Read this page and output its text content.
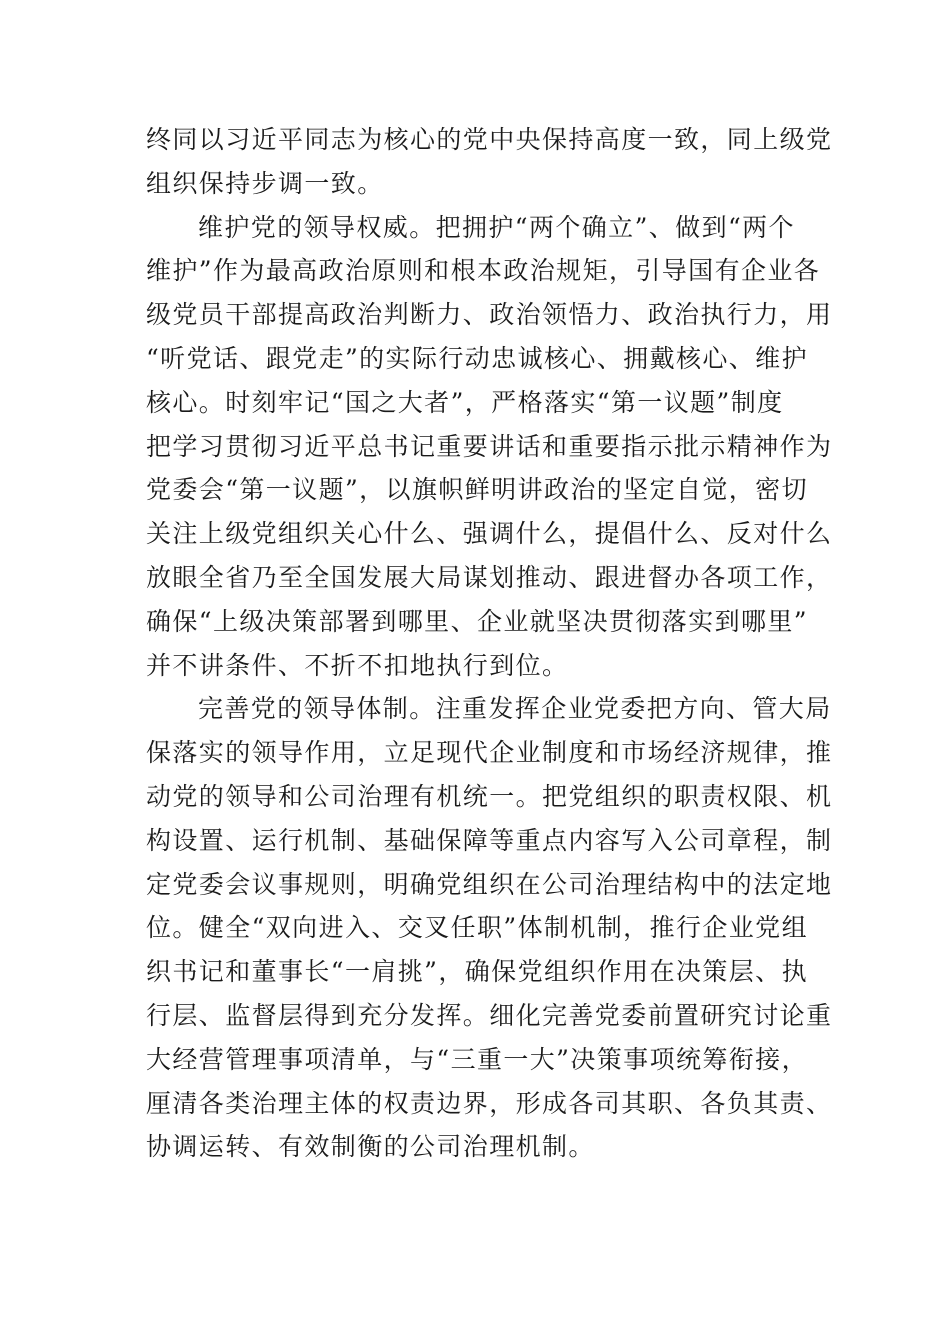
终同以习近平同志为核心的党中央保持高度一致，同上级党
组织保持步调一致。
维护党的领导权威。把拥护“两个确立”、做到“两个
维护”作为最高政治原则和根本政治规矩，引导国有企业各
级党员干部提高政治判断力、政治领悟力、政治执行力，用
“听党话、跟党走”的实际行动忠诚核心、拥戴核心、维护
核心。时刻牢记“国之大者”，严格落实“第一议题”制度
把学习贯彻习近平总书记重要讲话和重要指示批示精神作为
党委会“第一议题”，以旗帜鲜明讲政治的坚定自觉，密切
关注上级党组织关心什么、强调什么，提倡什么、反对什么
放眼全省乃至全国发展大局谋划推动、跟进督办各项工作，
确保“上级决策部署到哪里、企业就坚决贯彻落实到哪里”
并不讲条件、不折不扣地执行到位。
完善党的领导体制。注重发挥企业党委把方向、管大局
保落实的领导作用，立足现代企业制度和市场经济规律，推
动党的领导和公司治理有机统一。把党组织的职责权限、机
构设置、运行机制、基础保障等重点内容写入公司章程，制
定党委会议事规则，明确党组织在公司治理结构中的法定地
位。健全“双向进入、交叉任职”体制机制，推行企业党组
织书记和董事长“一肩挑”，确保党组织作用在决策层、执
行层、监督层得到充分发挥。细化完善党委前置研究讨论重
大经营管理事项清单，与“三重一大”决策事项统筹衔接，
厘清各类治理主体的权责边界，形成各司其职、各负其责、
协调运转、有效制衡的公司治理机制。
